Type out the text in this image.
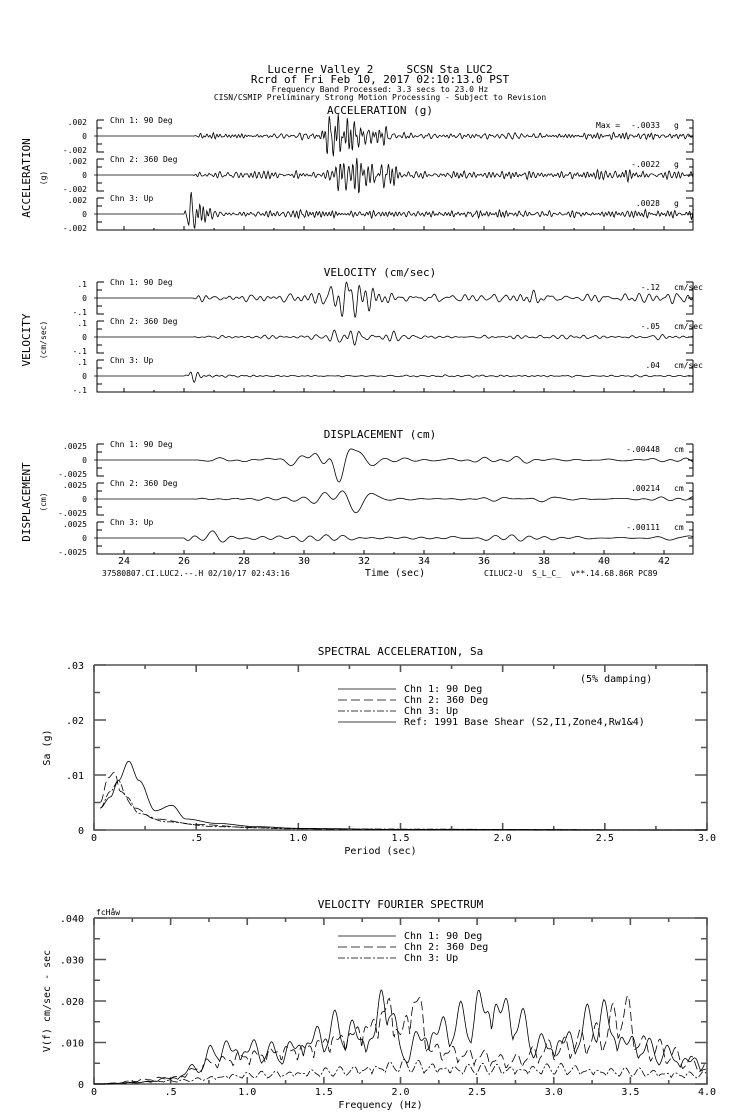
Lucerne Valley 2     SCSN Sta LUC2
Rcrd of Fri Feb 10, 2017 02:10:13.0 PST
Frequency Band Processed: 3.3 secs to 23.0 Hz
CISN/CSMIP Preliminary Strong Motion Processing - Subject to Revision
ACCELERATION (g)
ACCELERATION (g)
.002
0
-.002
Chn 1: 90 Deg
Max = -.0033 g
.002
0
-.002
Chn 2: 360 Deg
-.0022 g
.002
0
-.002
Chn 3: Up
.0028 g
VELOCITY (cm/sec)
VELOCITY (cm/sec)
.1
0
-.1
Chn 1: 90 Deg
-.12 cm/sec
.1
0
-.1
Chn 2: 360 Deg
-.05 cm/sec
.1
0
-.1
Chn 3: Up
.04 cm/sec
DISPLACEMENT (cm)
DISPLACEMENT (cm)
.0025
0
-.0025
Chn 1: 90 Deg
-.00448 cm
.0025
0
-.0025
Chn 2: 360 Deg
.00214 cm
.0025
0
-.0025
Chn 3: Up
-.00111 cm
24	26	28	30	32	34	36	38	40	42
Time (sec)
37580807.CI.LUC2.--.H 02/10/17 02:43:16	CILUC2-U  S_L_C_  v**.14.68.86R PC89
SPECTRAL ACCELERATION, Sa
0	.5	1.0	1.5	2.0	2.5	3.0
.03
.02
.01
0
Period (sec)
Sa (g)
(5% damping)
Chn 1: 90 Deg
Chn 2: 360 Deg
Chn 3: Up
Ref: 1991 Base Shear (S2,I1,Zone4,Rw1&4)
VELOCITY FOURIER SPECTRUM
0	.5	1.0	1.5	2.0	2.5	3.0	3.5	4.0
.040
.030
.020
.010
0
Frequency (Hz)
V(f) cm/sec - sec
fcHåw
Chn 1: 90 Deg
Chn 2: 360 Deg
Chn 3: Up
